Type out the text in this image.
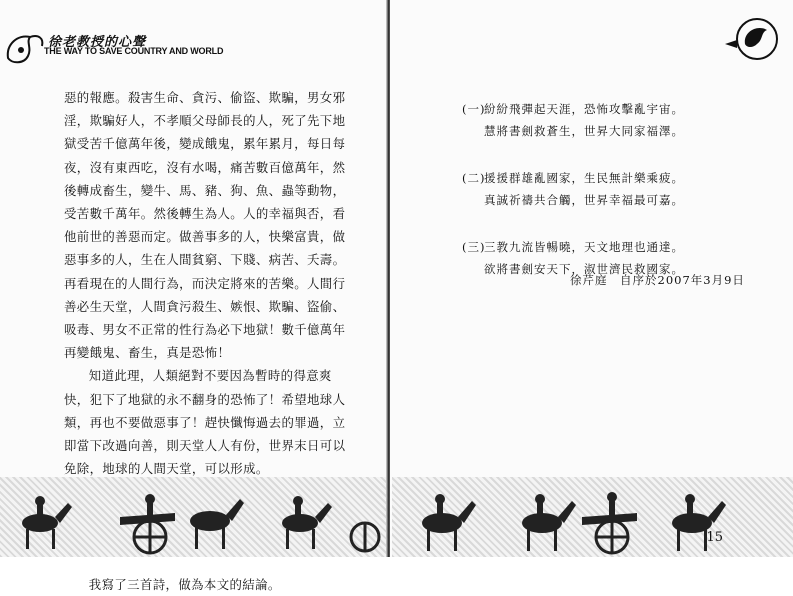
徐老教授的心聲
THE WAY TO SAVE COUNTRY AND WORLD

惡的報應。殺害生命、貪污、偷盜、欺騙，男女邪淫，欺騙好人，不孝順父母師長的人，死了先下地獄受苦千億萬年後，變成餓鬼，累年累月，每日每夜，沒有東西吃，沒有水喝，痛苦數百億萬年，然後轉成畜生，變牛、馬、豬、狗、魚、蟲等動物，受苦數千萬年。然後轉生為人。人的幸福與否，看他前世的善惡而定。做善事多的人，快樂富貴，做惡事多的人，生在人間貧窮、下賤、病苦、夭壽。再看現在的人間行為，而決定將來的苦樂。人間行善必生天堂，人間貪污殺生、嫉恨、欺騙、盜偷、吸毒、男女不正常的性行為必下地獄！數千億萬年再變餓鬼、畜生，真是恐怖！

知道此理，人類絕對不要因為暫時的得意爽快，犯下了地獄的永不翻身的恐怖了！希望地球人類，再也不要做惡事了！趕快懺悔過去的罪過，立即當下改過向善，則天堂人人有份，世界末日可以免除，地球的人間天堂，可以形成。

我寫了三首詩，做為本文的結論。

(一)
紛紛飛彈起天涯，恐怖攻擊亂宇宙。
慧將書劍救蒼生，世昇大同家福澤。
(二)
援援群雄亂國家，生民無計樂乘疲。
真誠祈禱共合觸，世昇幸福最可嘉。
(三)
三教九流皆暢曉，天文地理也通達。
欲將書劍安天下，淑世濟民救國家。
徐芹庭　自序於2007年3月9日
15
